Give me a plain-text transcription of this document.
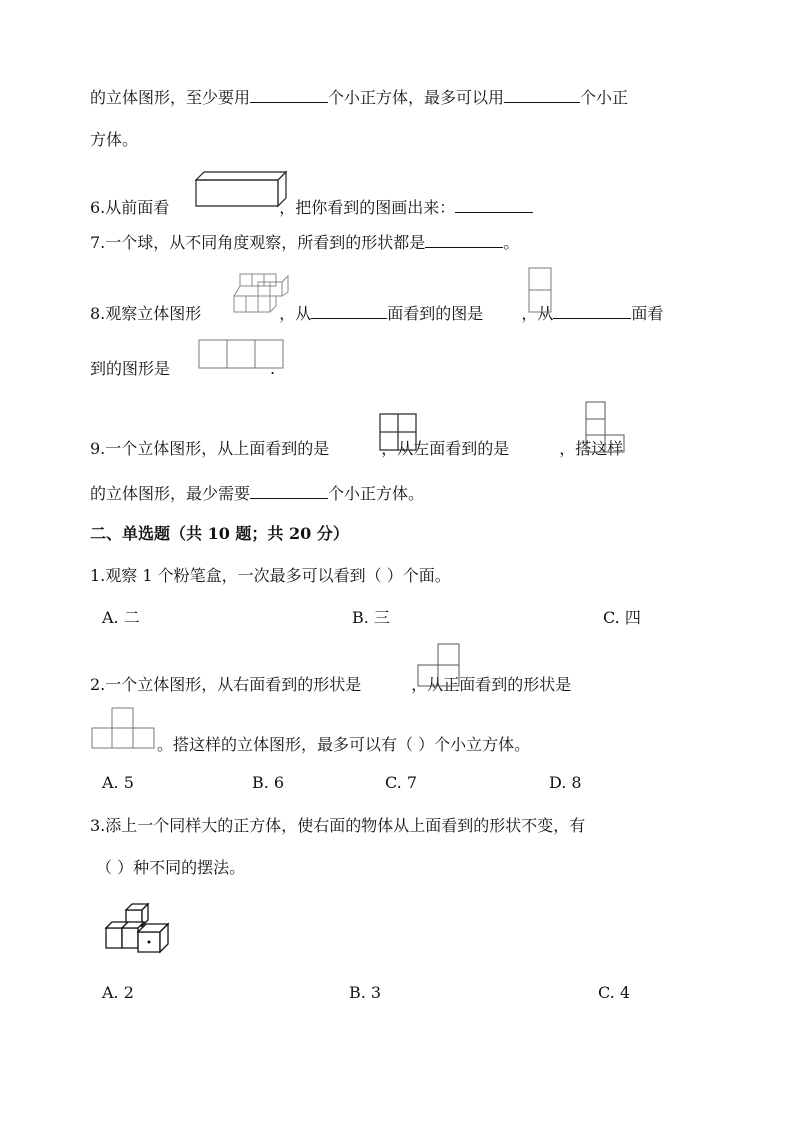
的立体图形，至少要用	个小正方体，最多可以用	个小正
方体。
6.从前面看	，把你看到的图画出来：
7.一个球，从不同角度观察，所看到的形状都是	。
8.观察立体图形	，从	面看到的图是 ，从	面看
到的图形是	.
9.一个立体图形，从上面看到的是	，从左面看到的是	，搭这样
的立体图形，最少需要	个小正方体。
二、单选题（共 10 题；共 20 分）
1.观察 1 个粉笔盒，一次最多可以看到（ ）个面。
A. 二	B. 三	C. 四
2.一个立体图形，从右面看到的形状是	，从正面看到的形状是
。搭这样的立体图形，最多可以有（ ）个小立方体。
A. 5	B. 6	C. 7	D. 8
3.添上一个同样大的正方体，使右面的物体从上面看到的形状不变，有
（ ）种不同的摆法。
A. 2	B. 3	C. 4
